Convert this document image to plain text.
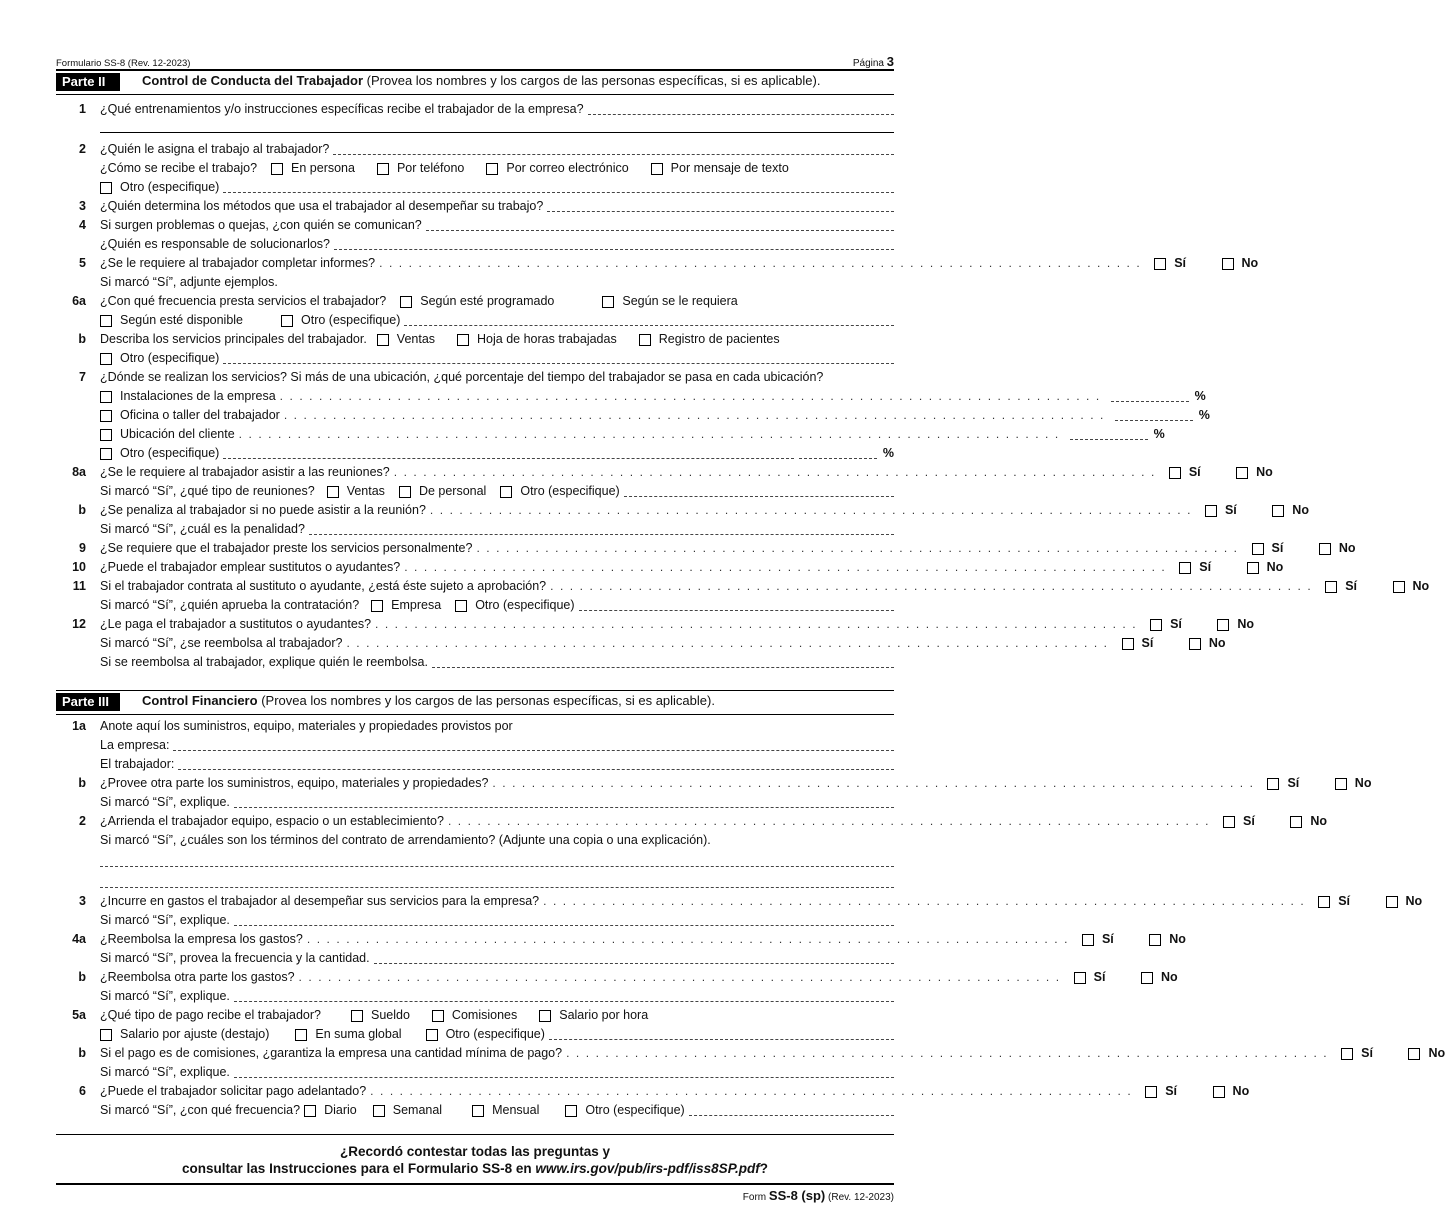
Formulario SS-8 (Rev. 12-2023)	Página 3
Parte II	Control de Conducta del Trabajador (Provea los nombres y los cargos de las personas específicas, si es aplicable).
1	¿Qué entrenamientos y/o instrucciones específicas recibe el trabajador de la empresa?
2	¿Quién le asigna el trabajo al trabajador?
¿Cómo se recibe el trabajo?	En persona	Por teléfono	Por correo electrónico	Por mensaje de texto
Otro (especifique)
3	¿Quién determina los métodos que usa el trabajador al desempeñar su trabajo?
4	Si surgen problemas o quejas, ¿con quién se comunican?
¿Quién es responsable de solucionarlos?
5	¿Se le requiere al trabajador completar informes? .............................................................................. Sí	No
Si marcó “Sí”, adjunte ejemplos.
6a	¿Con qué frecuencia presta servicios el trabajador?	Según esté programado	Según se le requiera
Según esté disponible	Otro (especifique)
b	Describa los servicios principales del trabajador. Ventas	Hoja de horas trabajadas	Registro de pacientes
Otro (especifique)
7	¿Dónde se realizan los servicios? Si más de una ubicación, ¿qué porcentaje del tiempo del trabajador se pasa en cada ubicación?
Instalaciones de la empresa ....................................................................................	%
Oficina o taller del trabajador ....................................................................................	%
Ubicación del cliente ....................................................................................	%
Otro (especifique)	%
8a	¿Se le requiere al trabajador asistir a las reuniones? .............................................................................. Sí	No
Si marcó “Sí”, ¿qué tipo de reuniones?	Ventas	De personal	Otro (especifique)
b	¿Se penaliza al trabajador si no puede asistir a la reunión? .............................................................................. Sí	No
Si marcó “Sí”, ¿cuál es la penalidad?
9	¿Se requiere que el trabajador preste los servicios personalmente? .............................................................................. Sí	No
10	¿Puede el trabajador emplear sustitutos o ayudantes? .............................................................................. Sí	No
11	Si el trabajador contrata al sustituto o ayudante, ¿está éste sujeto a aprobación? .............................................................................. Sí	No
Si marcó “Sí”, ¿quién aprueba la contratación?	Empresa	Otro (especifique)
12	¿Le paga el trabajador a sustitutos o ayudantes? .............................................................................. Sí	No
Si marcó “Sí”, ¿se reembolsa al trabajador? .............................................................................. Sí	No
Si se reembolsa al trabajador, explique quién le reembolsa.
Parte III	Control Financiero (Provea los nombres y los cargos de las personas específicas, si es aplicable).
1a	Anote aquí los suministros, equipo, materiales y propiedades provistos por
La empresa:
El trabajador:
b	¿Provee otra parte los suministros, equipo, materiales y propiedades? .............................................................................. Sí	No
Si marcó “Sí”, explique.
2	¿Arrienda el trabajador equipo, espacio o un establecimiento? .............................................................................. Sí	No
Si marcó “Sí”, ¿cuáles son los términos del contrato de arrendamiento? (Adjunte una copia o una explicación).
3	¿Incurre en gastos el trabajador al desempeñar sus servicios para la empresa? .............................................................................. Sí	No
Si marcó “Sí”, explique.
4a	¿Reembolsa la empresa los gastos? .............................................................................. Sí	No
Si marcó “Sí”, provea la frecuencia y la cantidad.
b	¿Reembolsa otra parte los gastos? .............................................................................. Sí	No
Si marcó “Sí”, explique.
5a	¿Qué tipo de pago recibe el trabajador?	Sueldo	Comisiones	Salario por hora
Salario por ajuste (destajo)	En suma global	Otro (especifique)
b	Si el pago es de comisiones, ¿garantiza la empresa una cantidad mínima de pago? .............................................................................. Sí	No
Si marcó “Sí”, explique.
6	¿Puede el trabajador solicitar pago adelantado? .............................................................................. Sí	No
Si marcó “Sí”, ¿con qué frecuencia? Diario	Semanal	Mensual	Otro (especifique)
¿Recordó contestar todas las preguntas y
consultar las Instrucciones para el Formulario SS-8 en www.irs.gov/pub/irs-pdf/iss8SP.pdf?
Form SS-8 (sp) (Rev. 12-2023)
